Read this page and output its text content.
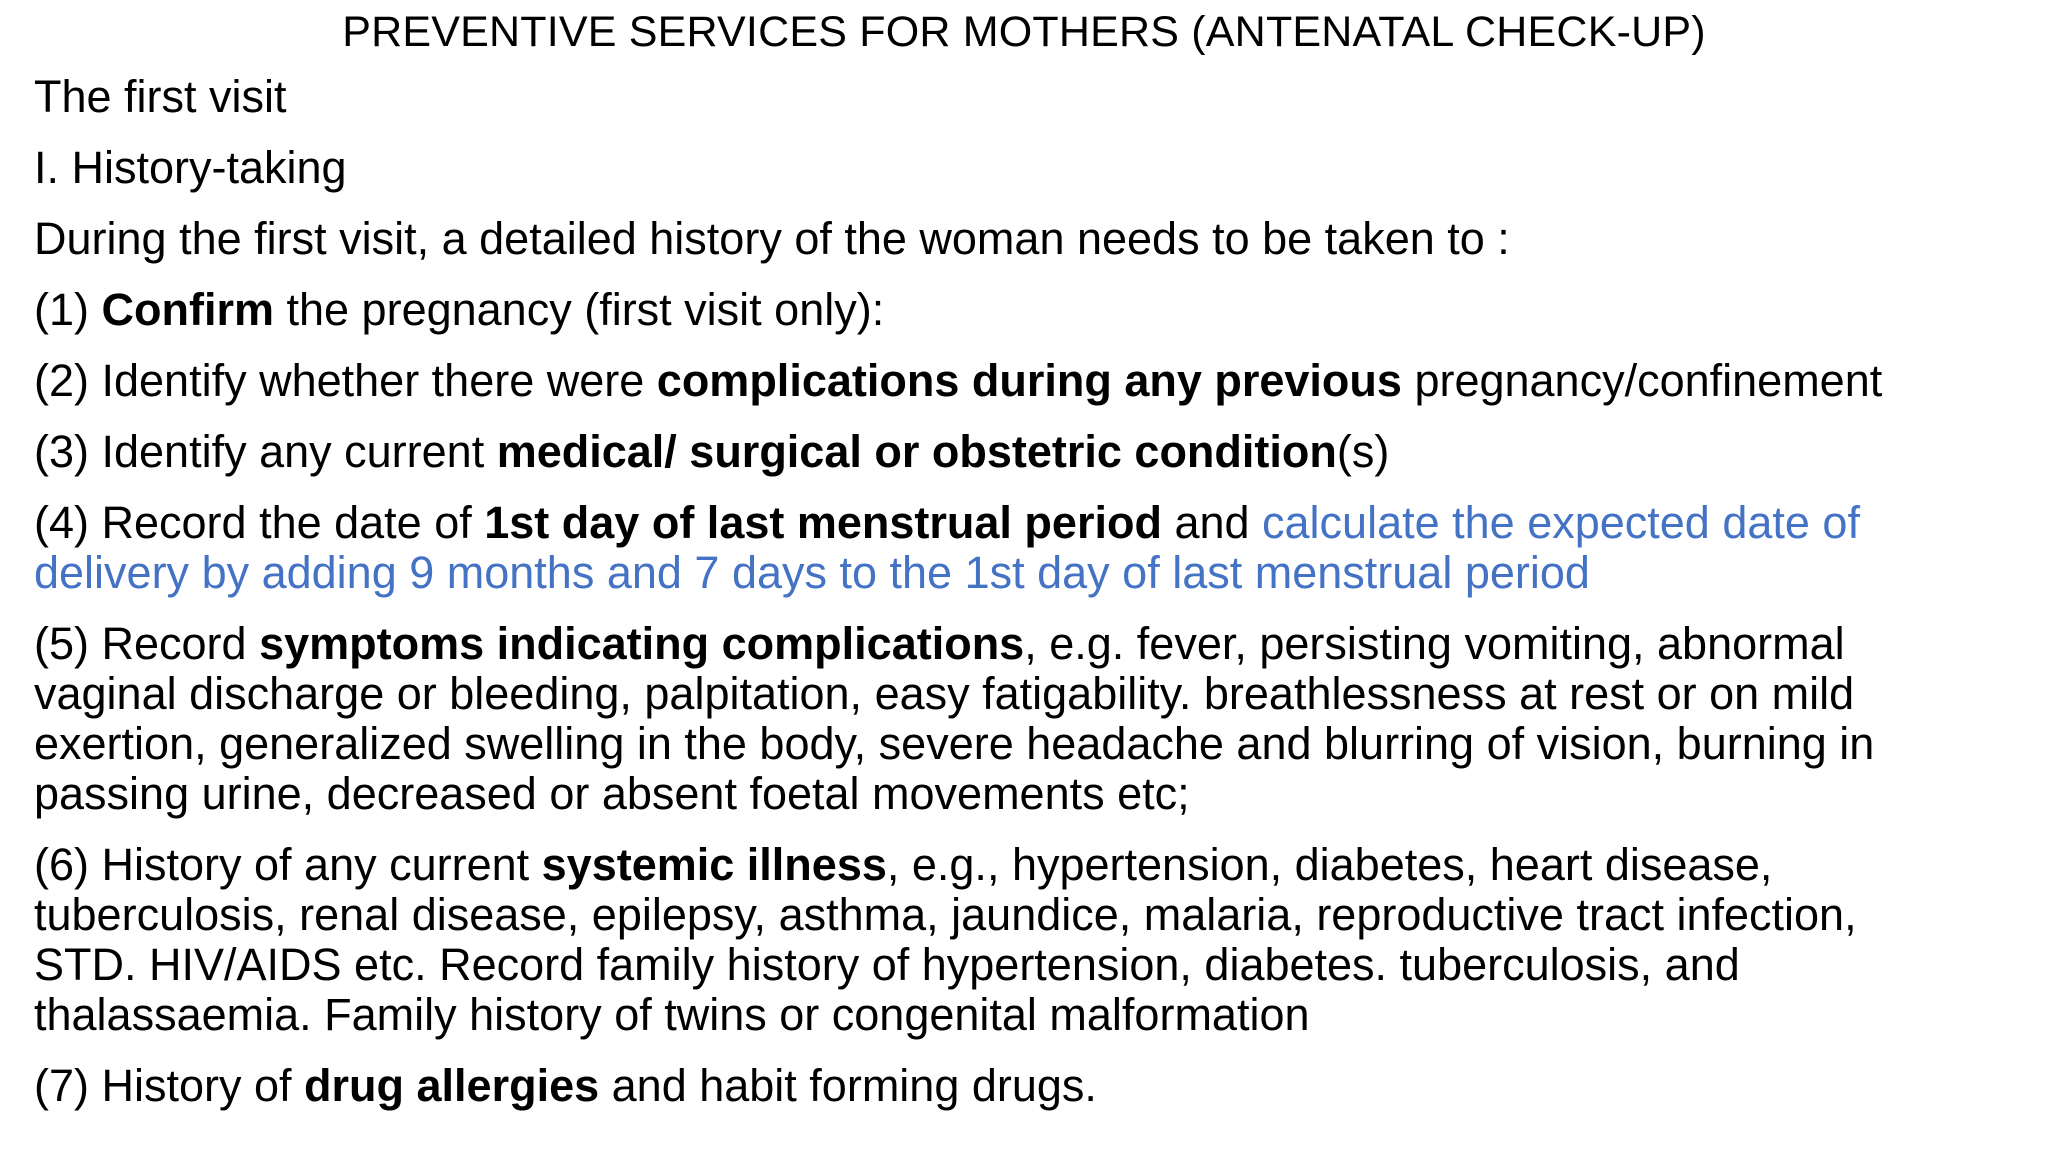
PREVENTIVE SERVICES FOR MOTHERS (ANTENATAL CHECK-UP)
The first visit
I. History-taking
During the first visit, a detailed history of the woman needs to be taken to :
(1) Confirm the pregnancy (first visit only):
(2) Identify whether there were complications during any previous pregnancy/confinement
(3) Identify any current medical/ surgical or obstetric condition(s)
(4) Record the date of 1st day of last menstrual period and calculate the expected date of
delivery by adding 9 months and 7 days to the 1st day of last menstrual period
(5) Record symptoms indicating complications, e.g. fever, persisting vomiting, abnormal
vaginal discharge or bleeding, palpitation, easy fatigability. breathlessness at rest or on mild
exertion, generalized swelling in the body, severe headache and blurring of vision, burning in
passing urine, decreased or absent foetal movements etc;
(6) History of any current systemic illness, e.g., hypertension, diabetes, heart disease,
tuberculosis, renal disease, epilepsy, asthma, jaundice, malaria, reproductive tract infection,
STD. HIV/AIDS etc. Record family history of hypertension, diabetes. tuberculosis, and
thalassaemia. Family history of twins or congenital malformation
(7) History of drug allergies and habit forming drugs.
